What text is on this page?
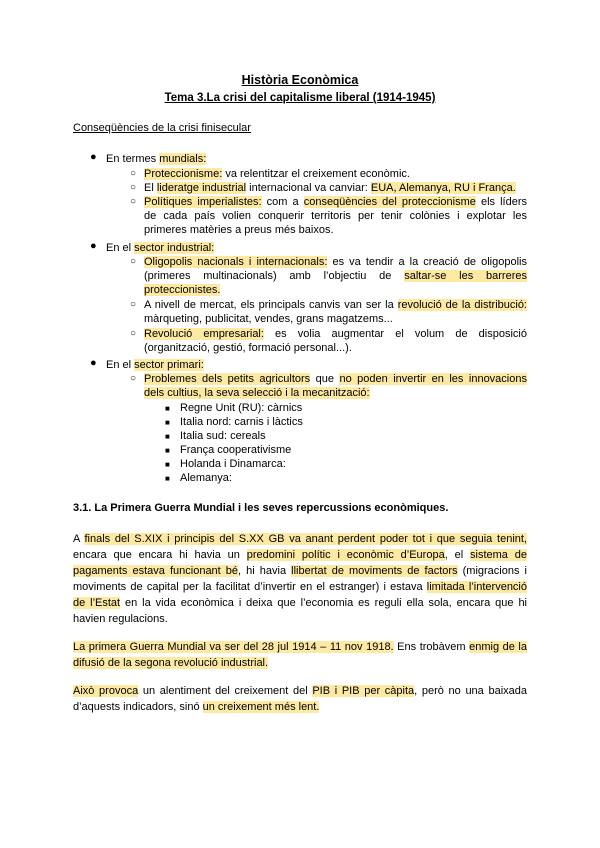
Història Econòmica
Tema 3.La crisi del capitalisme liberal (1914-1945)
Conseqüències de la crisi finisecular
● En termes mundials:
○ Proteccionisme: va relentitzar el creixement econòmic.
○ El lideratge industrial internacional va canviar: EUA, Alemanya, RU i França.
○ Polítiques imperialistes: com a conseqüències del proteccionisme els líders
de cada país volien conquerir territoris per tenir colònies i explotar les
primeres matèries a preus més baixos.
● En el sector industrial:
○ Oligopolis nacionals i internacionals: es va tendir a la creació de oligopolis
(primeres multinacionals) amb l’objectiu de saltar-se les barreres
proteccionistes.
○ A nivell de mercat, els principals canvis van ser la revolució de la distribució:
màrqueting, publicitat, vendes, grans magatzems...
○ Revolució empresarial: es volia augmentar el volum de disposició
(organització, gestió, formació personal...).
● En el sector primari:
○ Problemes dels petits agricultors que no poden invertir en les innovacions
dels cultius, la seva selecció i la mecanització:
■ Regne Unit (RU): càrnics
■ Italia nord: carnis i làctics
■ Italia sud: cereals
■ França cooperativisme
■ Holanda i Dinamarca:
■ Alemanya:
3.1. La Primera Guerra Mundial i les seves repercussions econòmiques.
A finals del S.XIX i principis del S.XX GB va anant perdent poder tot i que seguia tenint,
encara que encara hi havia un predomini polític i econòmic d’Europa, el sistema de
pagaments estava funcionant bé, hi havia llibertat de moviments de factors (migracions i
moviments de capital per la facilitat d’invertir en el estranger) i estava limitada l’intervenció
de l’Estat en la vida econòmica i deixa que l’economia es reguli ella sola, encara que hi
havien regulacions.
La primera Guerra Mundial va ser del 28 jul 1914 – 11 nov 1918. Ens trobàvem enmig de la
difusió de la segona revolució industrial.
Això provoca un alentiment del creixement del PIB i PIB per càpita, però no una baixada
d’aquests indicadors, sinó un creixement més lent.
